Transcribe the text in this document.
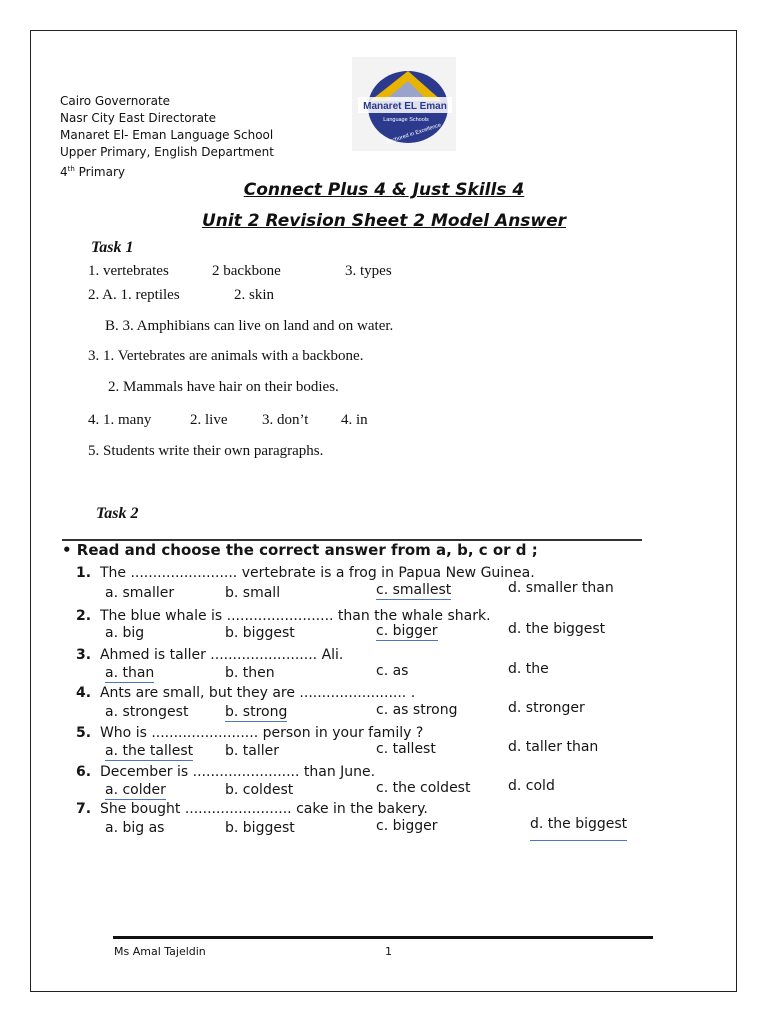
Cairo Governorate
Nasr City East Directorate
Manaret El- Eman Language School
Upper Primary, English Department
4th Primary
Manaret EL Eman
Language Schools
Anchored in Excellence
Connect Plus 4 & Just Skills 4
Unit 2 Revision Sheet 2 Model Answer
Task 1
1. vertebrates	2 backbone	3. types
2. A. 1. reptiles	2. skin
B. 3. Amphibians can live on land and on water.
3. 1. Vertebrates are animals with a backbone.
2. Mammals have hair on their bodies.
4. 1. many	2. live 3. don’t 4. in
5. Students write their own paragraphs.
Task 2
• Read and choose the correct answer from a, b, c or d ;
1. The ........................ vertebrate is a frog in Papua New Guinea.
a. smaller	b. small	c. smallest	d. smaller than
2. The blue whale is ........................ than the whale shark.
a. big	b. biggest	c. bigger	d. the biggest
3. Ahmed is taller ........................ Ali.
a. than	b. then	c. as	d. the
4. Ants are small, but they are ........................ .
a. strongest	b. strong	c. as strong	d. stronger
5. Who is ........................ person in your family ?
a. the tallest b. taller	c. tallest	d. taller than
6. December is ........................ than June.
a. colder	b. coldest	c. the coldest	d. cold
7. She bought ........................ cake in the bakery.
a. big as	b. biggest	c. bigger	d. the biggest
Ms Amal Tajeldin	1
